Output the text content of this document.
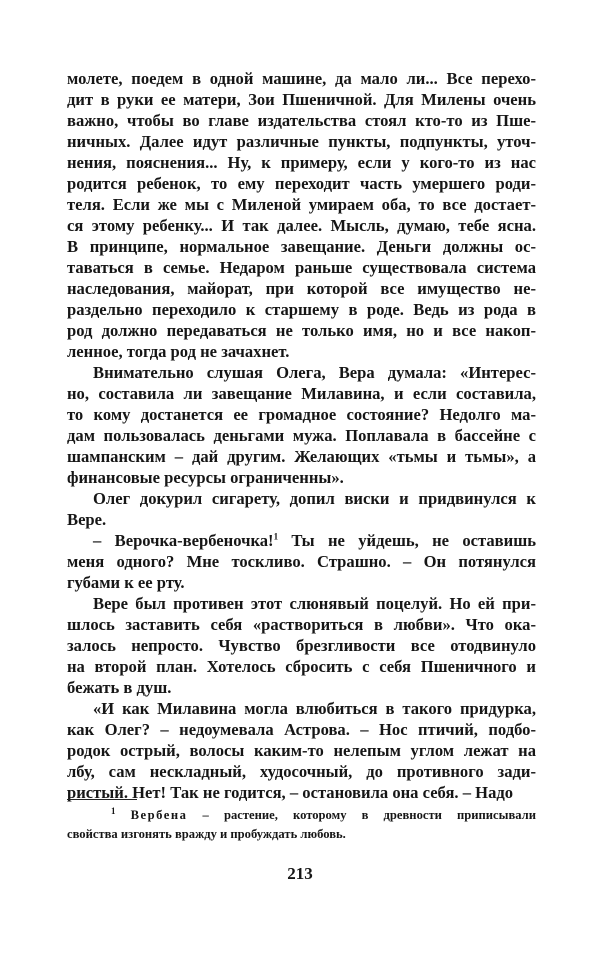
молете, поедем в одной машине, да мало ли... Все перехо-
дит в руки ее матери, Зои Пшеничной. Для Милены очень
важно, чтобы во главе издательства стоял кто-то из Пше-
ничных. Далее идут различные пункты, подпункты, уточ-
нения, пояснения... Ну, к примеру, если у кого-то из нас
родится ребенок, то ему переходит часть умершего роди-
теля. Если же мы с Миленой умираем оба, то все достает-
ся этому ребенку... И так далее. Мысль, думаю, тебе ясна.
В принципе, нормальное завещание. Деньги должны ос-
таваться в семье. Недаром раньше существовала система
наследования, майорат, при которой все имущество не-
раздельно переходило к старшему в роде. Ведь из рода в
род должно передаваться не только имя, но и все накоп-
ленное, тогда род не зачахнет.
Внимательно слушая Олега, Вера думала: «Интерес-
но, составила ли завещание Милавина, и если составила,
то кому достанется ее громадное состояние? Недолго ма-
дам пользовалась деньгами мужа. Поплавала в бассейне с
шампанским – дай другим. Желающих «тьмы и тьмы», а
финансовые ресурсы ограниченны».
Олег докурил сигарету, допил виски и придвинулся к
Вере.
– Верочка-вербеночка!$^1$ Ты не уйдешь, не оставишь
меня одного? Мне тоскливо. Страшно. – Он потянулся
губами к ее рту.
Вере был противен этот слюнявый поцелуй. Но ей при-
шлось заставить себя «раствориться в любви». Что ока-
залось непросто. Чувство брезгливости все отодвинуло
на второй план. Хотелось сбросить с себя Пшеничного и
бежать в душ.
«И как Милавина могла влюбиться в такого придурка,
как Олег? – недоумевала Астрова. – Нос птичий, подбо-
родок острый, волосы каким-то нелепым углом лежат на
лбу, сам нескладный, худосочный, до противного зади-
ристый. Нет! Так не годится, – остановила она себя. – Надо
$^1$ Вербена – растение, которому в древности приписывали
свойства изгонять вражду и пробуждать любовь.
213
